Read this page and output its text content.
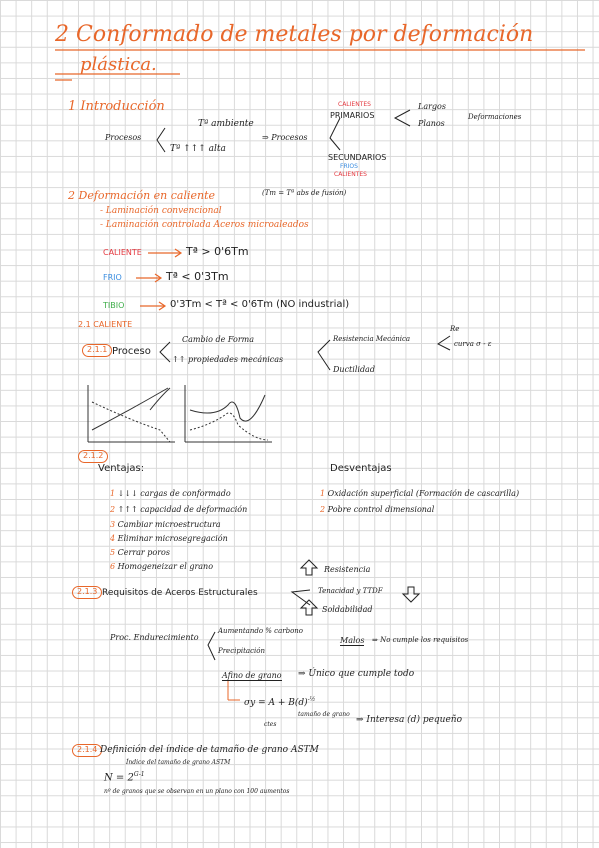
2 Conformado de metales por deformación
plástica.
1 Introducción
Procesos
Tª ambiente
Tª ↑↑↑ alta
⇒ Procesos
CALIENTES
PRIMARIOS
Largos
Planos
Deformaciones
SECUNDARIOS
FRIOS
CALIENTES
2 Deformación en caliente	(Tm = Tª abs de fusión)
- Laminación convencional
- Laminación controlada Aceros microaleados
CALIENTE	Tª > 0'6Tm
FRIO	Tª < 0'3Tm
TIBIO	0'3Tm < Tª < 0'6Tm (NO industrial)
2.1 CALIENTE
2.1.1 Proceso
Cambio de Forma
↑↑ propiedades mecánicas
Resistencia Mecánica
Re
curva σ - ε
Ductilidad
2.1.2
Ventajas:	Desventajas
1 ↓↓↓ cargas de conformado
2 ↑↑↑ capacidad de deformación
3 Cambiar microestructura
4 Eliminar microsegregación
5 Cerrar poros
6 Homogeneizar el grano
1 Oxidación superficial (Formación de cascarilla)
2 Pobre control dimensional
2.1.3 Requisitos de Aceros Estructurales
Resistencia
Tenacidad y TTDF
Soldabilidad
Proc. Endurecimiento
Aumentando % carbono
Precipitación
Malos ⇒ No cumple los requisitos
Afino de grano ⇒ Único que cumple todo
$\sigma y = A + B(d)^{-\frac{1}{2}}$
ctes
tamaño de grano
⇒ Interesa (d) pequeño
2.1.4 Definición del índice de tamaño de grano ASTM
Índice del tamaño de grano ASTM
$N = 2^{G-1}$
nº de granos que se observan en un plano con 100 aumentos
